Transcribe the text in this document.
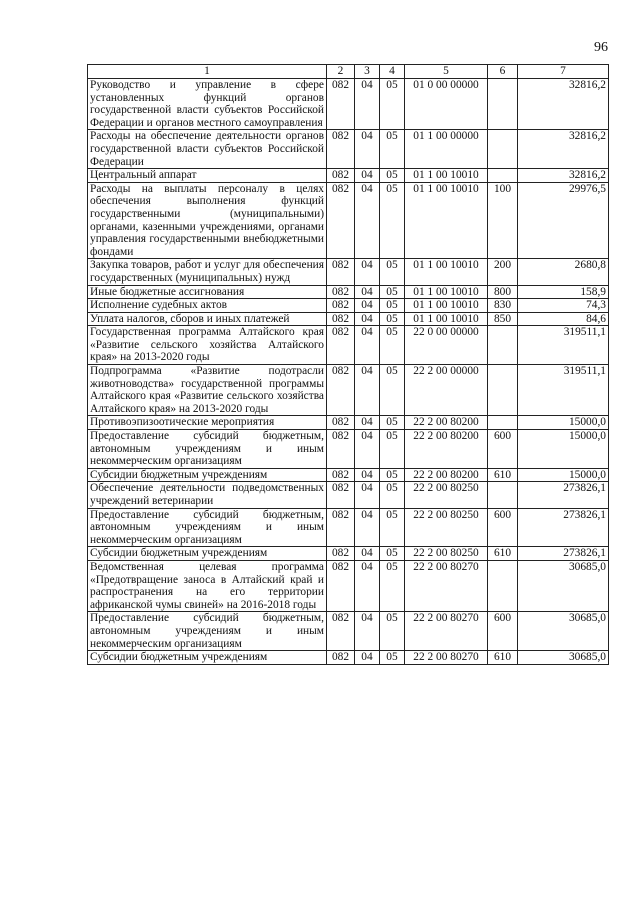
96
1	2	3	4	5	6	7
Руководство и управление в сфере установленных функций органов государственной власти субъектов Российской Федерации и органов местного самоуправления	082	04	05	01 0 00 00000		32816,2
Расходы на обеспечение деятельности органов государственной власти субъектов Российской Федерации	082	04	05	01 1 00 00000		32816,2
Центральный аппарат	082	04	05	01 1 00 10010		32816,2
Расходы на выплаты персоналу в целях обеспечения выполнения функций государственными (муниципальными) органами, казенными учреждениями, органами управления государственными внебюджетными фондами	082	04	05	01 1 00 10010	100	29976,5
Закупка товаров, работ и услуг для обеспечения государственных (муниципальных) нужд	082	04	05	01 1 00 10010	200	2680,8
Иные бюджетные ассигнования	082	04	05	01 1 00 10010	800	158,9
Исполнение судебных актов	082	04	05	01 1 00 10010	830	74,3
Уплата налогов, сборов и иных платежей	082	04	05	01 1 00 10010	850	84,6
Государственная программа Алтайского края «Развитие сельского хозяйства Алтайского края» на 2013-2020 годы	082	04	05	22 0 00 00000		319511,1
Подпрограмма «Развитие подотрасли животноводства» государственной программы Алтайского края «Развитие сельского хозяйства Алтайского края» на 2013-2020 годы	082	04	05	22 2 00 00000		319511,1
Противоэпизоотические мероприятия	082	04	05	22 2 00 80200		15000,0
Предоставление субсидий бюджетным, автономным учреждениям и иным некоммерческим организациям	082	04	05	22 2 00 80200	600	15000,0
Субсидии бюджетным учреждениям	082	04	05	22 2 00 80200	610	15000,0
Обеспечение деятельности подведомственных учреждений ветеринарии	082	04	05	22 2 00 80250		273826,1
Предоставление субсидий бюджетным, автономным учреждениям и иным некоммерческим организациям	082	04	05	22 2 00 80250	600	273826,1
Субсидии бюджетным учреждениям	082	04	05	22 2 00 80250	610	273826,1
Ведомственная целевая программа «Предотвращение заноса в Алтайский край и распространения на его территории африканской чумы свиней» на 2016-2018 годы	082	04	05	22 2 00 80270		30685,0
Предоставление субсидий бюджетным, автономным учреждениям и иным некоммерческим организациям	082	04	05	22 2 00 80270	600	30685,0
Субсидии бюджетным учреждениям	082	04	05	22 2 00 80270	610	30685,0
